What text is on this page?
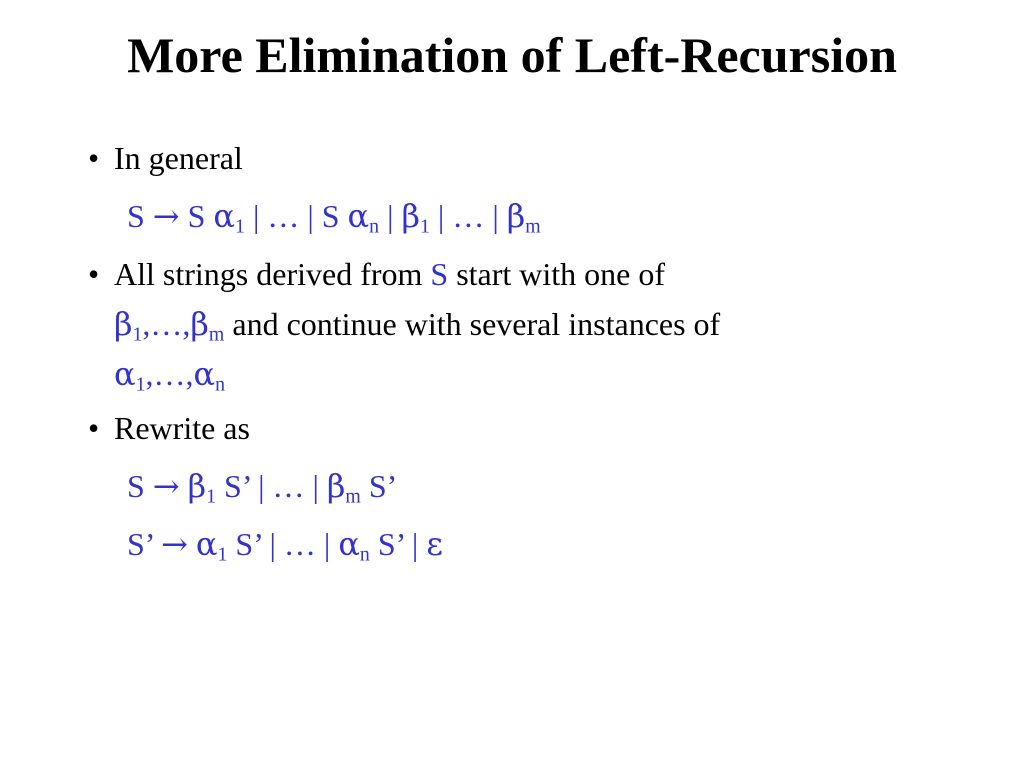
More Elimination of Left-Recursion
• In general
S → S $\alpha_1$ | … | S $\alpha_n$ | $\beta_1$ | … | $\beta_m$
• All strings derived from S start with one of
$\beta_1,\dots,\beta_m$ and continue with several instances of
$\alpha_1,\dots,\alpha_n$
• Rewrite as
$S \to \beta_1$ S’ | … | $\beta_m$ S’
S’ → $\alpha_1$ S’ | … | $\alpha_n$ S’ | ε
